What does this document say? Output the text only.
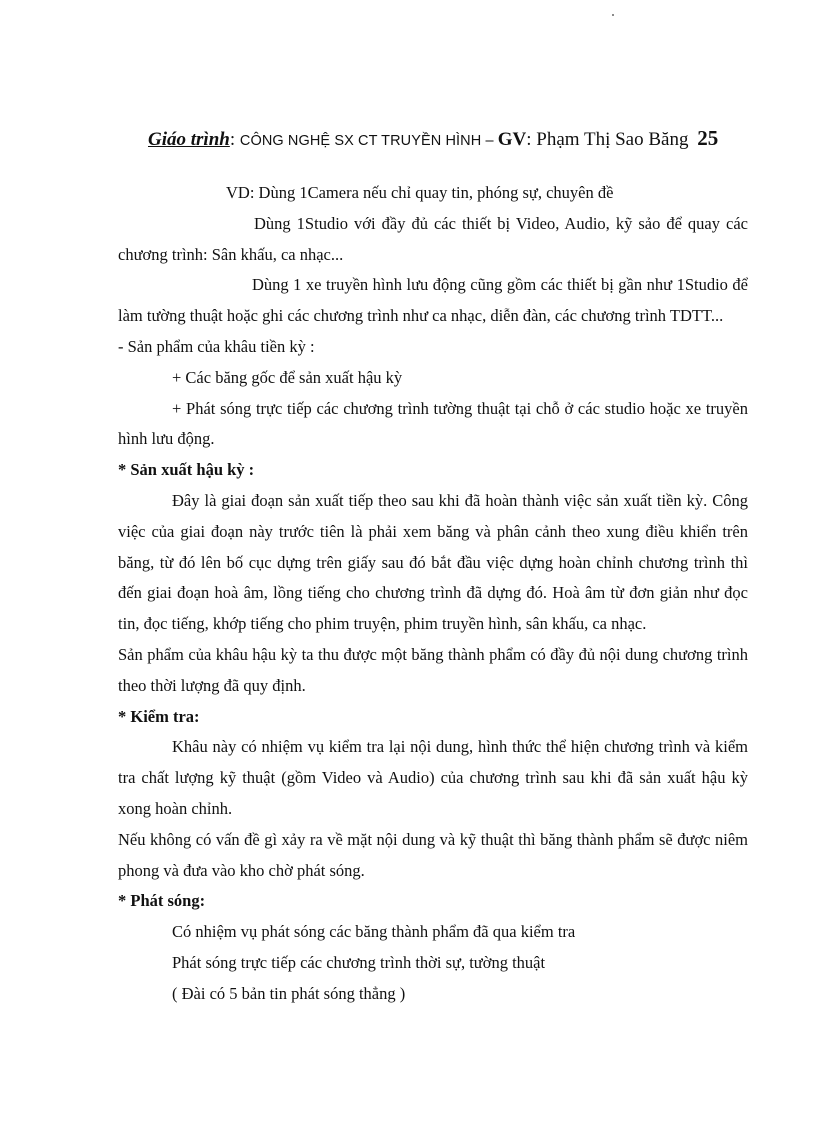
Giáo trình: CÔNG NGHỆ SX CT TRUYỀN HÌNH – GV: Phạm Thị Sao Băng 25

VD: Dùng 1Camera nếu chỉ quay tin, phóng sự, chuyên đề

Dùng 1Studio với đầy đủ các thiết bị Video, Audio, kỹ sảo để quay các chương trình: Sân khấu, ca nhạc...

Dùng 1 xe truyền hình lưu động cũng gồm các thiết bị gần như 1Studio để làm tường thuật hoặc ghi các chương trình như ca nhạc, diễn đàn, các chương trình TDTT...

- Sản phẩm của khâu tiền kỳ :

+ Các băng gốc để sản xuất hậu kỳ

+ Phát sóng trực tiếp các chương trình tường thuật tại chỗ ở các studio hoặc xe truyền hình lưu động.

* Sản xuất hậu kỳ :

Đây là giai đoạn sản xuất tiếp theo sau khi đã hoàn thành việc sản xuất tiền kỳ. Công việc của giai đoạn này trước tiên là phải xem băng và phân cảnh theo xung điều khiển trên băng, từ đó lên bố cục dựng trên giấy sau đó bắt đầu việc dựng hoàn chỉnh chương trình thì đến giai đoạn hoà âm, lồng tiếng cho chương trình đã dựng đó. Hoà âm từ đơn giản như đọc tin, đọc tiếng, khớp tiếng cho phim truyện, phim truyền hình, sân khấu, ca nhạc.

Sản phẩm của khâu hậu kỳ ta thu được một băng thành phẩm có đầy đủ nội dung chương trình theo thời lượng đã quy định.

* Kiểm tra:

Khâu này có nhiệm vụ kiểm tra lại nội dung, hình thức thể hiện chương trình và kiểm tra chất lượng kỹ thuật (gồm Video và Audio) của chương trình sau khi đã sản xuất hậu kỳ xong hoàn chỉnh.

Nếu không có vấn đề gì xảy ra về mặt nội dung và kỹ thuật thì băng thành phẩm sẽ được niêm phong và đưa vào kho chờ phát sóng.

* Phát sóng:

Có nhiệm vụ phát sóng các băng thành phẩm đã qua kiểm tra

Phát sóng trực tiếp các chương trình thời sự, tường thuật

( Đài có 5 bản tin phát sóng thẳng )
